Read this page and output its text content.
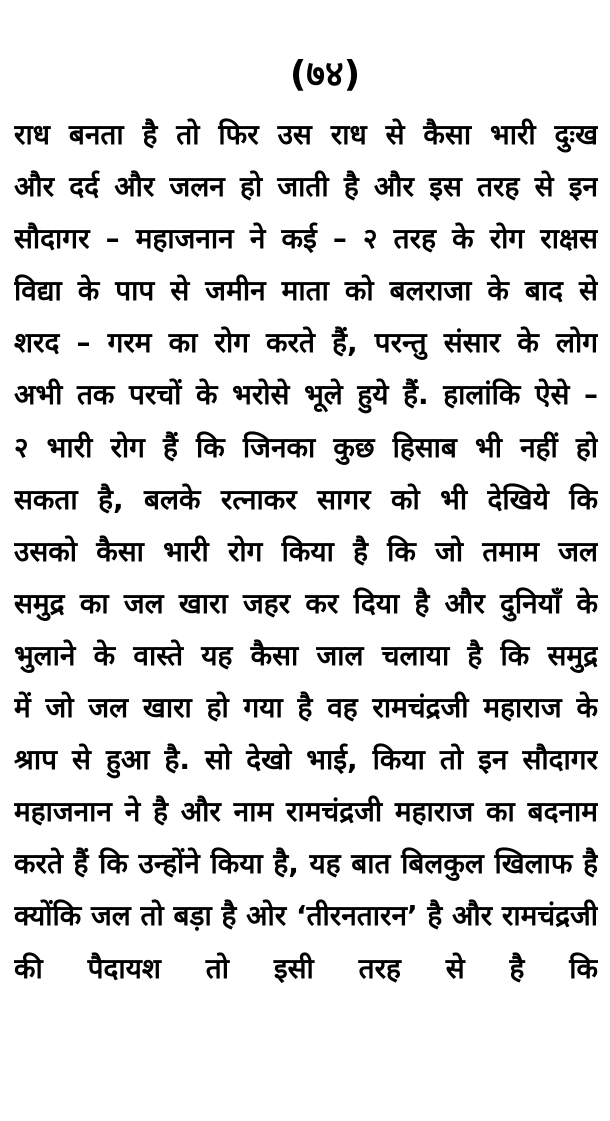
(७४)
राध बनता है तो फिर उस राध से कैसा भारी दुःख
और दर्द और जलन हो जाती है और इस तरह से इन
सौदागर – महाजनान ने कई – २ तरह के रोग राक्षस
विद्या के पाप से जमीन माता को बलराजा के बाद से
शरद – गरम का रोग करते हैं, परन्तु संसार के लोग
अभी तक परचों के भरोसे भूले हुये हैं. हालांकि ऐसे –
२ भारी रोग हैं कि जिनका कुछ हिसाब भी नहीं हो
सकता है, बलके रत्नाकर सागर को भी देखिये कि
उसको कैसा भारी रोग किया है कि जो तमाम जल
समुद्र का जल खारा जहर कर दिया है और दुनियाँ के
भुलाने के वास्ते यह कैसा जाल चलाया है कि समुद्र
में जो जल खारा हो गया है वह रामचंद्रजी महाराज के
श्राप से हुआ है. सो देखो भाई, किया तो इन सौदागर
महाजनान ने है और नाम रामचंद्रजी महाराज का बदनाम
करते हैं कि उन्होंने किया है, यह बात बिलकुल खिलाफ है
क्योंकि जल तो बड़ा है ओर ‘तीरनतारन’ है और रामचंद्रजी
की पैदायश तो इसी तरह से है कि
